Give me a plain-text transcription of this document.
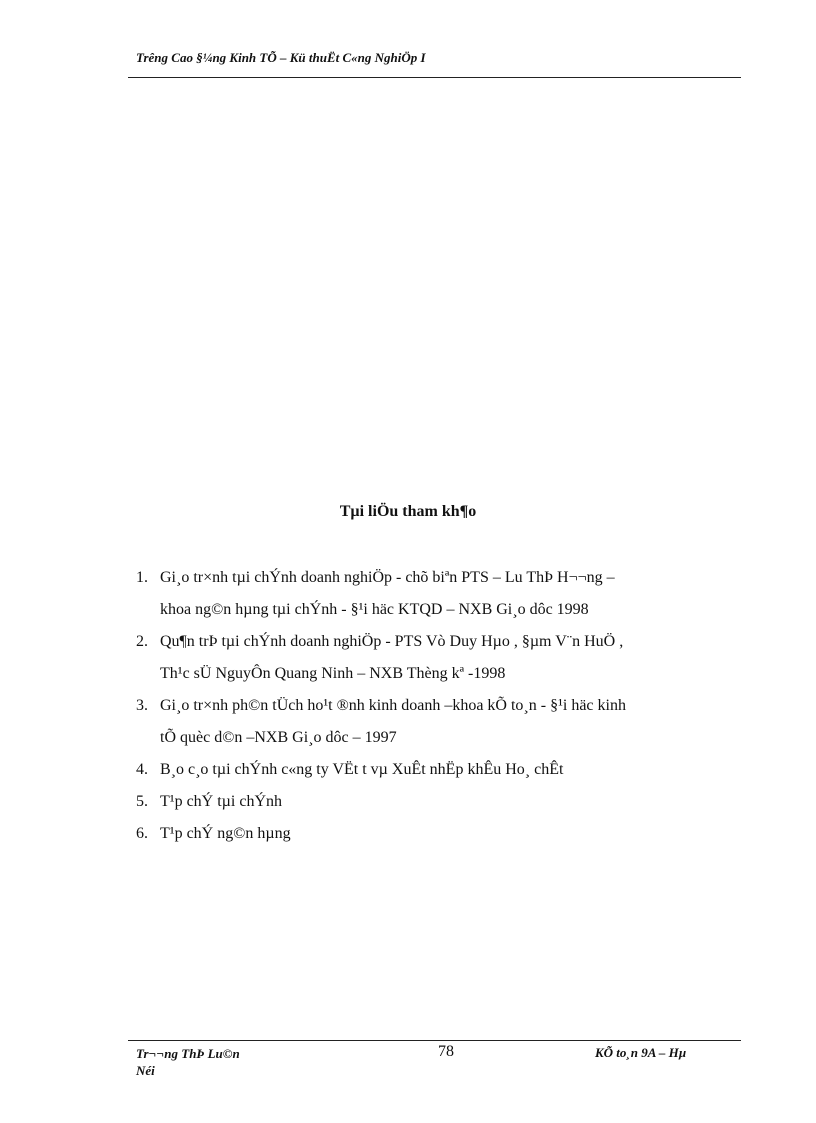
Trêng Cao §¼ng Kinh TÕ – Kü thuËt C«ng NghiÖp I
Tµi liÖu tham kh¶o
1. Gi¸o tr×nh tµi chÝnh doanh nghiÖp - chõ biªn PTS – Lu ThÞ H¬¬ng –
khoa ng©n hµng tµi chÝnh - §¹i häc KTQD – NXB Gi¸o dôc 1998
2. Qu¶n trÞ tµi chÝnh doanh nghiÖp - PTS Vò Duy Hµo , §µm V¨n HuÖ ,
Th¹c sÜ NguyÔn Quang Ninh – NXB Thèng kª -1998
3. Gi¸o tr×nh ph©n tÜch ho¹t ®nh kinh doanh –khoa kÕ to¸n - §¹i häc kinh
tÕ quèc d©n –NXB Gi¸o dôc – 1997
4. B¸o c¸o tµi chÝnh c«ng ty VËt t vµ XuÊt nhËp khÊu Ho¸ chÊt
5. T¹p chÝ tµi chÝnh
6. T¹p chÝ ng©n hµng
Tr¬¬ng ThÞ Lu©n
Néi
78	KÕ to¸n 9A – Hµ
